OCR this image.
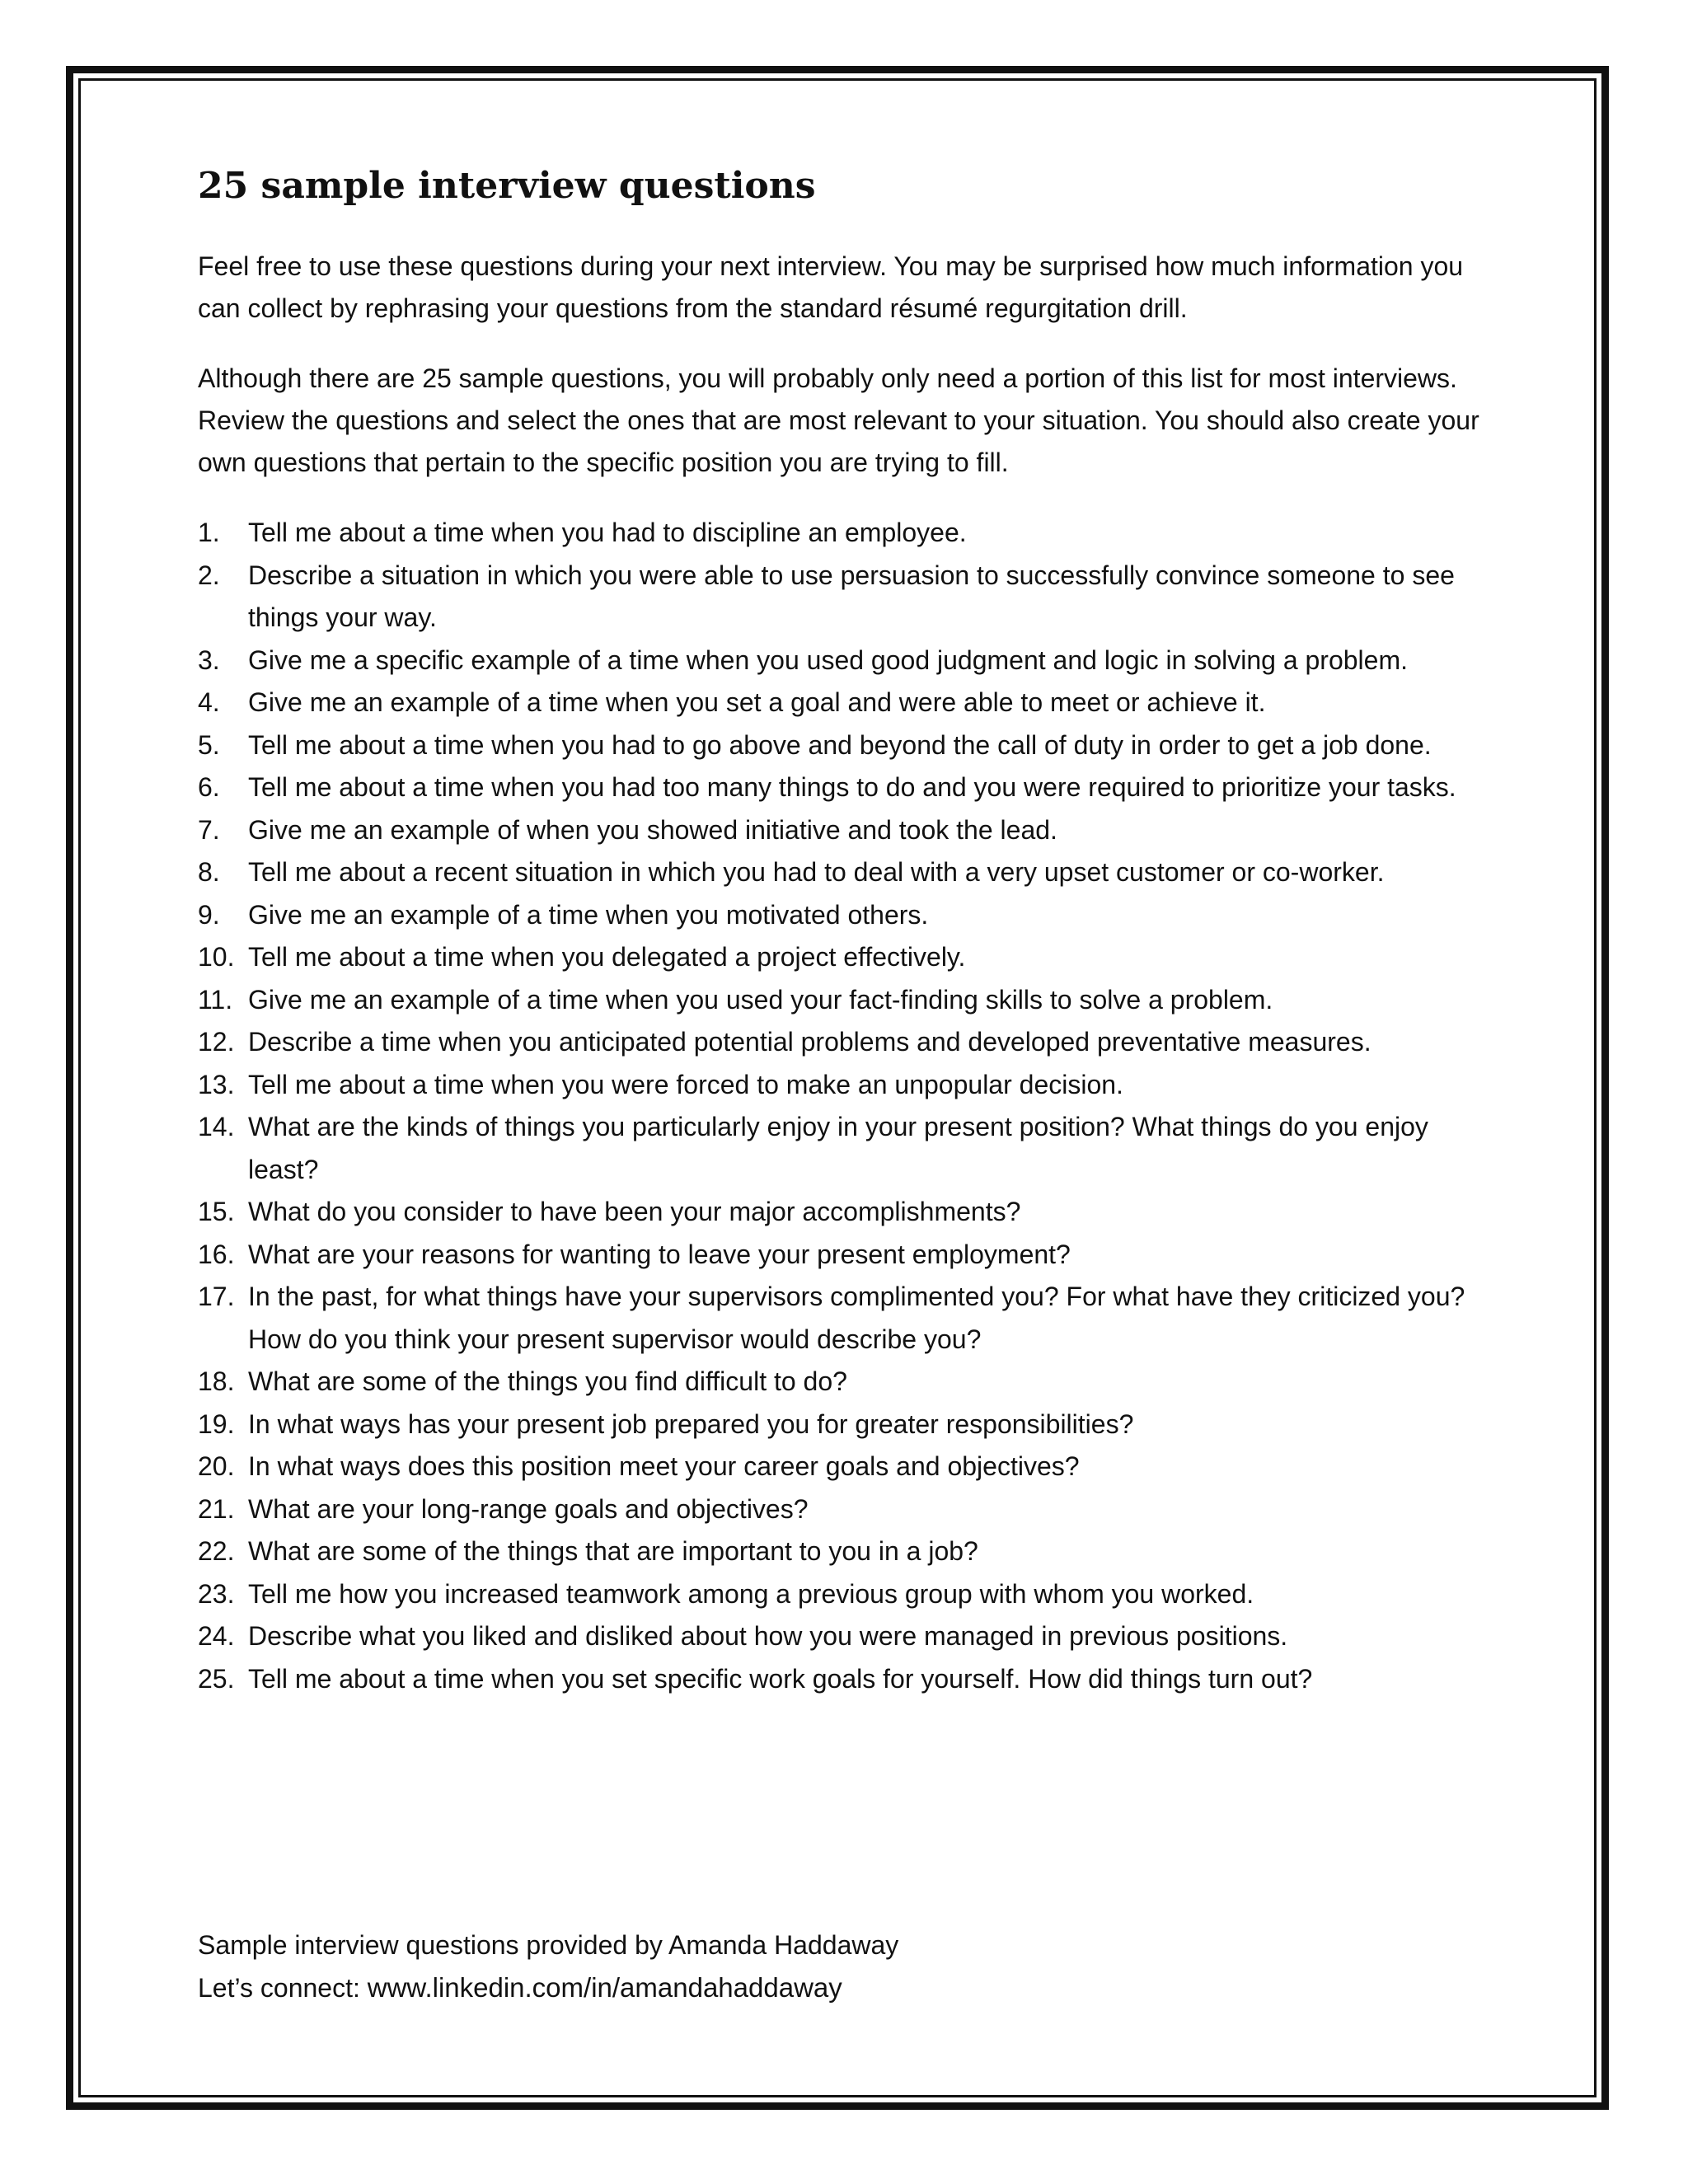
25 sample interview questions

Feel free to use these questions during your next interview. You may be surprised how much information you can collect by rephrasing your questions from the standard résumé regurgitation drill.

Although there are 25 sample questions, you will probably only need a portion of this list for most interviews. Review the questions and select the ones that are most relevant to your situation. You should also create your own questions that pertain to the specific position you are trying to fill.

1. Tell me about a time when you had to discipline an employee.
2. Describe a situation in which you were able to use persuasion to successfully convince someone to see things your way.
3. Give me a specific example of a time when you used good judgment and logic in solving a problem.
4. Give me an example of a time when you set a goal and were able to meet or achieve it.
5. Tell me about a time when you had to go above and beyond the call of duty in order to get a job done.
6. Tell me about a time when you had too many things to do and you were required to prioritize your tasks.
7. Give me an example of when you showed initiative and took the lead.
8. Tell me about a recent situation in which you had to deal with a very upset customer or co-worker.
9. Give me an example of a time when you motivated others.
10. Tell me about a time when you delegated a project effectively.
11. Give me an example of a time when you used your fact-finding skills to solve a problem.
12. Describe a time when you anticipated potential problems and developed preventative measures.
13. Tell me about a time when you were forced to make an unpopular decision.
14. What are the kinds of things you particularly enjoy in your present position? What things do you enjoy least?
15. What do you consider to have been your major accomplishments?
16. What are your reasons for wanting to leave your present employment?
17. In the past, for what things have your supervisors complimented you? For what have they criticized you? How do you think your present supervisor would describe you?
18. What are some of the things you find difficult to do?
19. In what ways has your present job prepared you for greater responsibilities?
20. In what ways does this position meet your career goals and objectives?
21. What are your long-range goals and objectives?
22. What are some of the things that are important to you in a job?
23. Tell me how you increased teamwork among a previous group with whom you worked.
24. Describe what you liked and disliked about how you were managed in previous positions.
25. Tell me about a time when you set specific work goals for yourself. How did things turn out?
Sample interview questions provided by Amanda Haddaway
Let’s connect: www.linkedin.com/in/amandahaddaway
